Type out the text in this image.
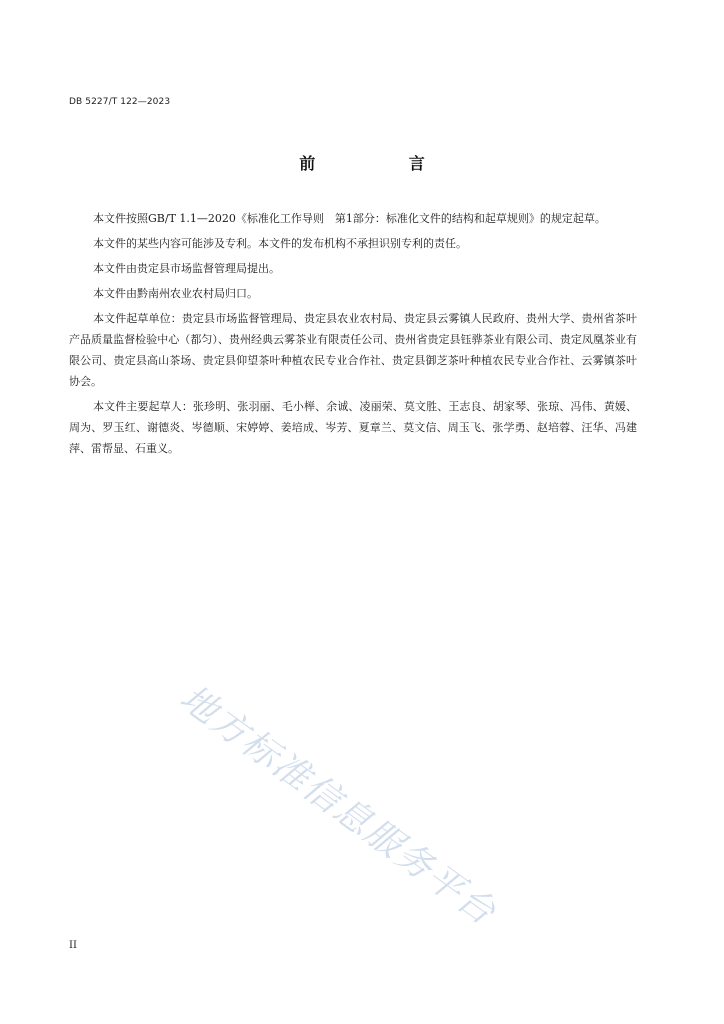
DB 5227/T 122—2023
前 言

本文件按照GB/T 1.1—2020《标准化工作导则　第1部分：标准化文件的结构和起草规则》的规定起草。

本文件的某些内容可能涉及专利。本文件的发布机构不承担识别专利的责任。

本文件由贵定县市场监督管理局提出。

本文件由黔南州农业农村局归口。

本文件起草单位：贵定县市场监督管理局、贵定县农业农村局、贵定县云雾镇人民政府、贵州大学、贵州省茶叶产品质量监督检验中心（都匀）、贵州经典云雾茶业有限责任公司、贵州省贵定县钰骅茶业有限公司、贵定凤凰茶业有限公司、贵定县高山茶场、贵定县仰望茶叶种植农民专业合作社、贵定县御芝茶叶种植农民专业合作社、云雾镇茶叶协会。

本文件主要起草人：张珍明、张羽丽、毛小榉、余诚、凌丽荣、莫文胜、王志良、胡家琴、张琼、冯伟、黄媛、周为、罗玉红、谢德炎、岑德顺、宋婷婷、姜培成、岑芳、夏章兰、莫文信、周玉飞、张学勇、赵培蓉、汪华、冯建萍、雷帮显、石重义。

地方标准信息服务平台
II
